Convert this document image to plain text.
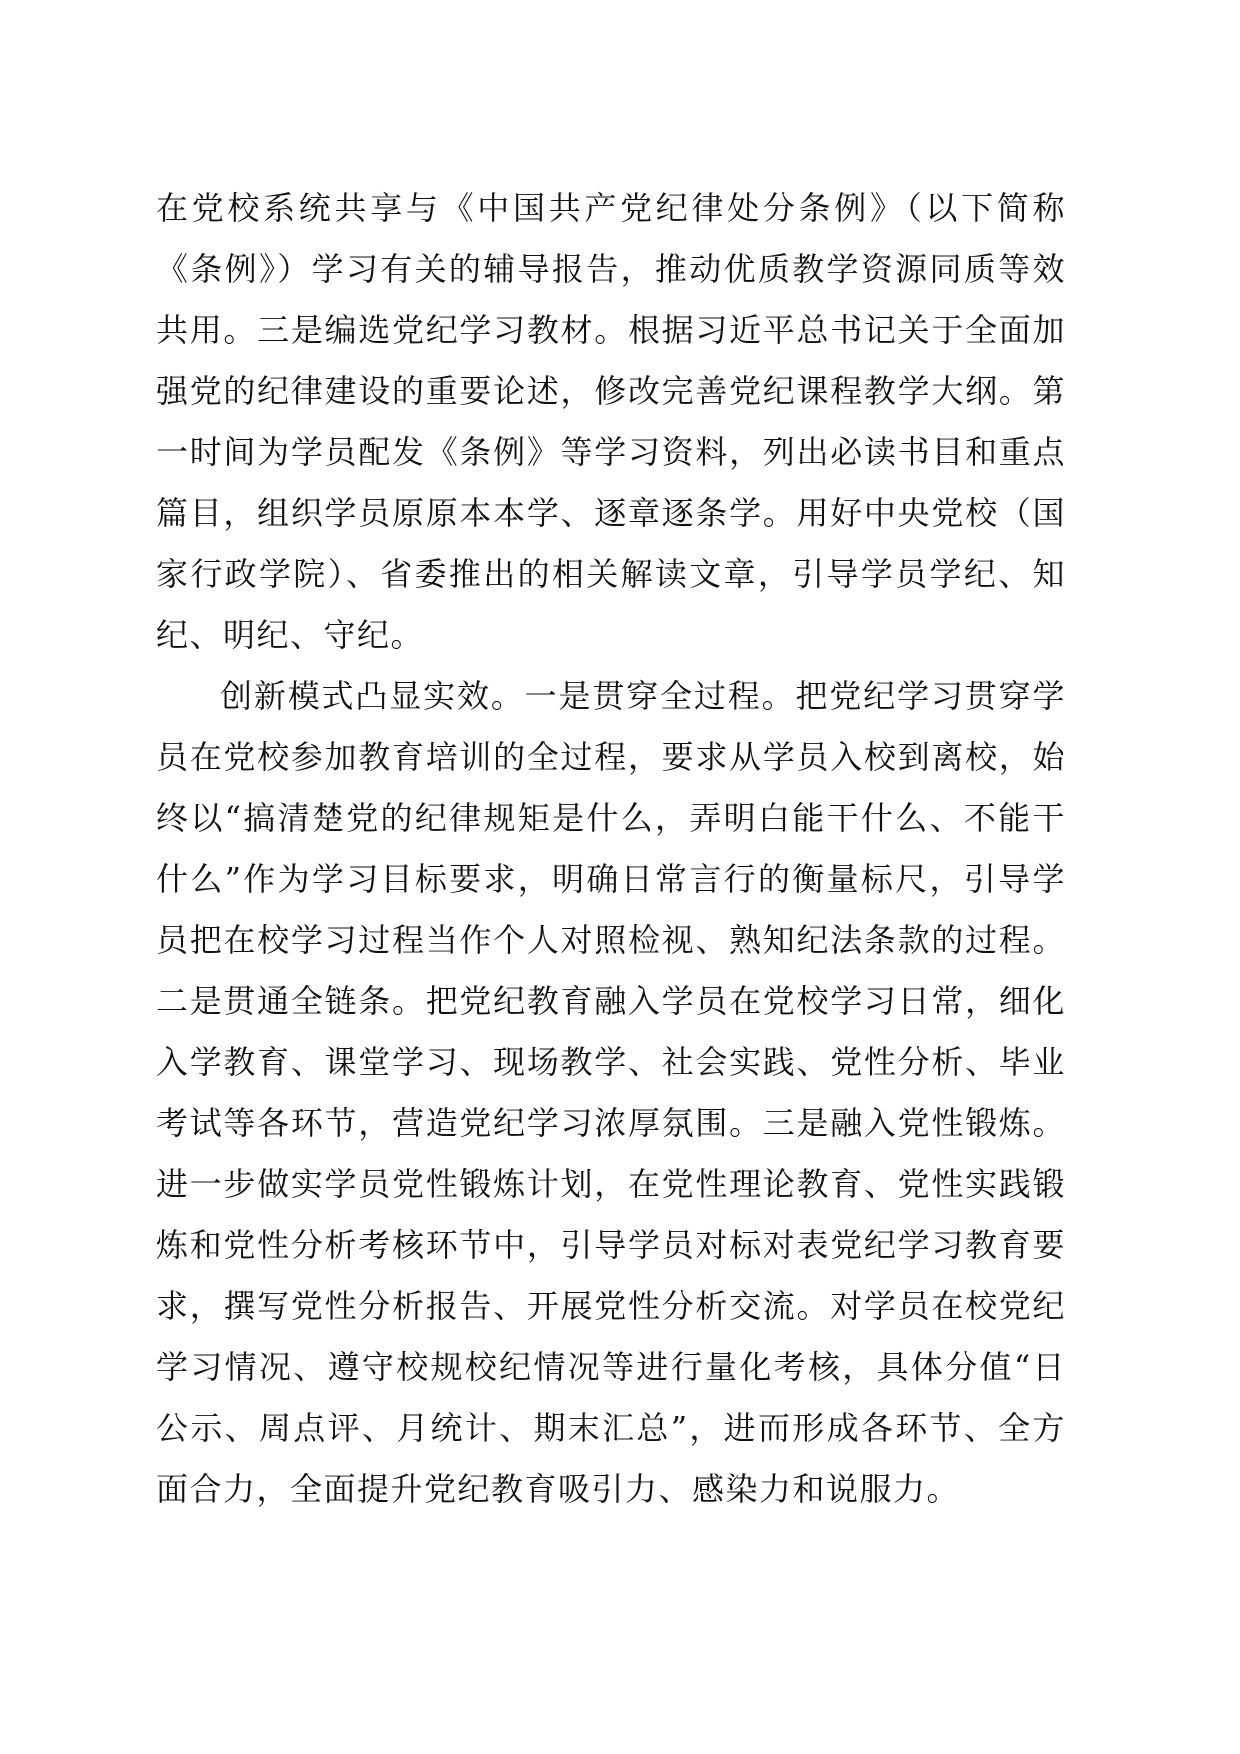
在党校系统共享与《中国共产党纪律处分条例》（以下简称《条例》）学习有关的辅导报告，推动优质教学资源同质等效共用。三是编选党纪学习教材。根据习近平总书记关于全面加强党的纪律建设的重要论述，修改完善党纪课程教学大纲。第一时间为学员配发《条例》等学习资料，列出必读书目和重点篇目，组织学员原原本本学、逐章逐条学。用好中央党校（国家行政学院）、省委推出的相关解读文章，引导学员学纪、知纪、明纪、守纪。

创新模式凸显实效。一是贯穿全过程。把党纪学习贯穿学员在党校参加教育培训的全过程，要求从学员入校到离校，始终以“搞清楚党的纪律规矩是什么，弄明白能干什么、不能干什么”作为学习目标要求，明确日常言行的衡量标尺，引导学员把在校学习过程当作个人对照检视、熟知纪法条款的过程。二是贯通全链条。把党纪教育融入学员在党校学习日常，细化入学教育、课堂学习、现场教学、社会实践、党性分析、毕业考试等各环节，营造党纪学习浓厚氛围。三是融入党性锻炼。进一步做实学员党性锻炼计划，在党性理论教育、党性实践锻炼和党性分析考核环节中，引导学员对标对表党纪学习教育要求，撰写党性分析报告、开展党性分析交流。对学员在校党纪学习情况、遵守校规校纪情况等进行量化考核，具体分值“日公示、周点评、月统计、期末汇总”，进而形成各环节、全方面合力，全面提升党纪教育吸引力、感染力和说服力。
